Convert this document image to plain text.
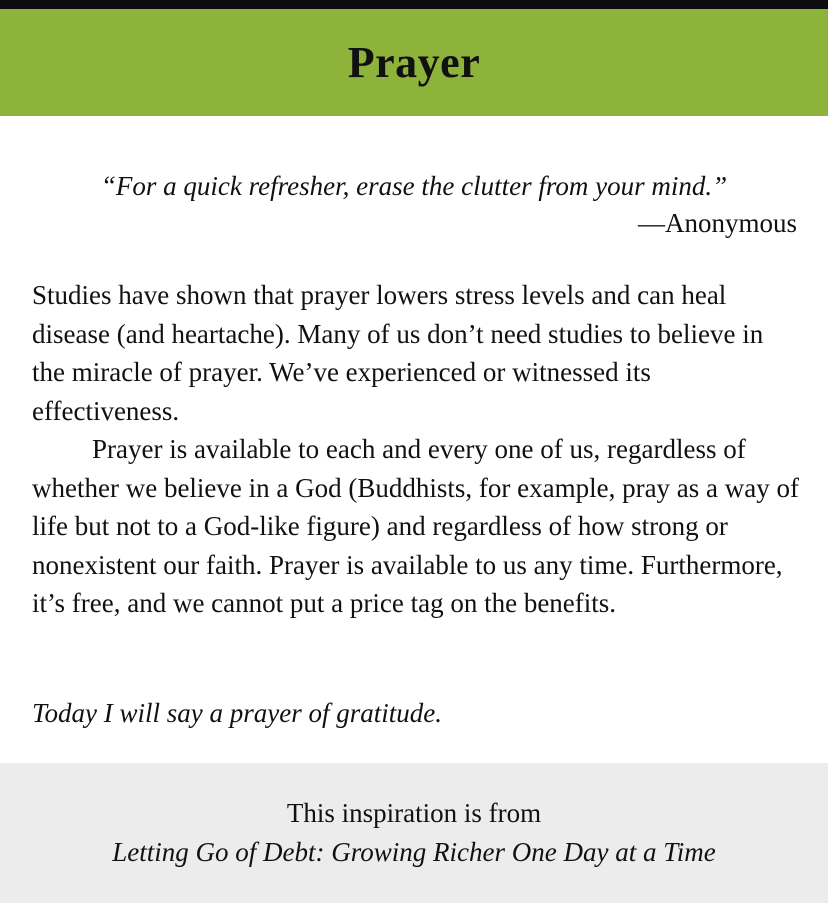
Prayer
“For a quick refresher, erase the clutter from your mind.”
—Anonymous

Studies have shown that prayer lowers stress levels and can heal disease (and heartache). Many of us don’t need studies to believe in the miracle of prayer. We’ve experienced or witnessed its effectiveness.

Prayer is available to each and every one of us, regardless of whether we believe in a God (Buddhists, for example, pray as a way of life but not to a God-like figure) and regardless of how strong or nonexistent our faith. Prayer is available to us any time. Furthermore, it’s free, and we cannot put a price tag on the benefits.

Today I will say a prayer of gratitude.
This inspiration is from
Letting Go of Debt: Growing Richer One Day at a Time
